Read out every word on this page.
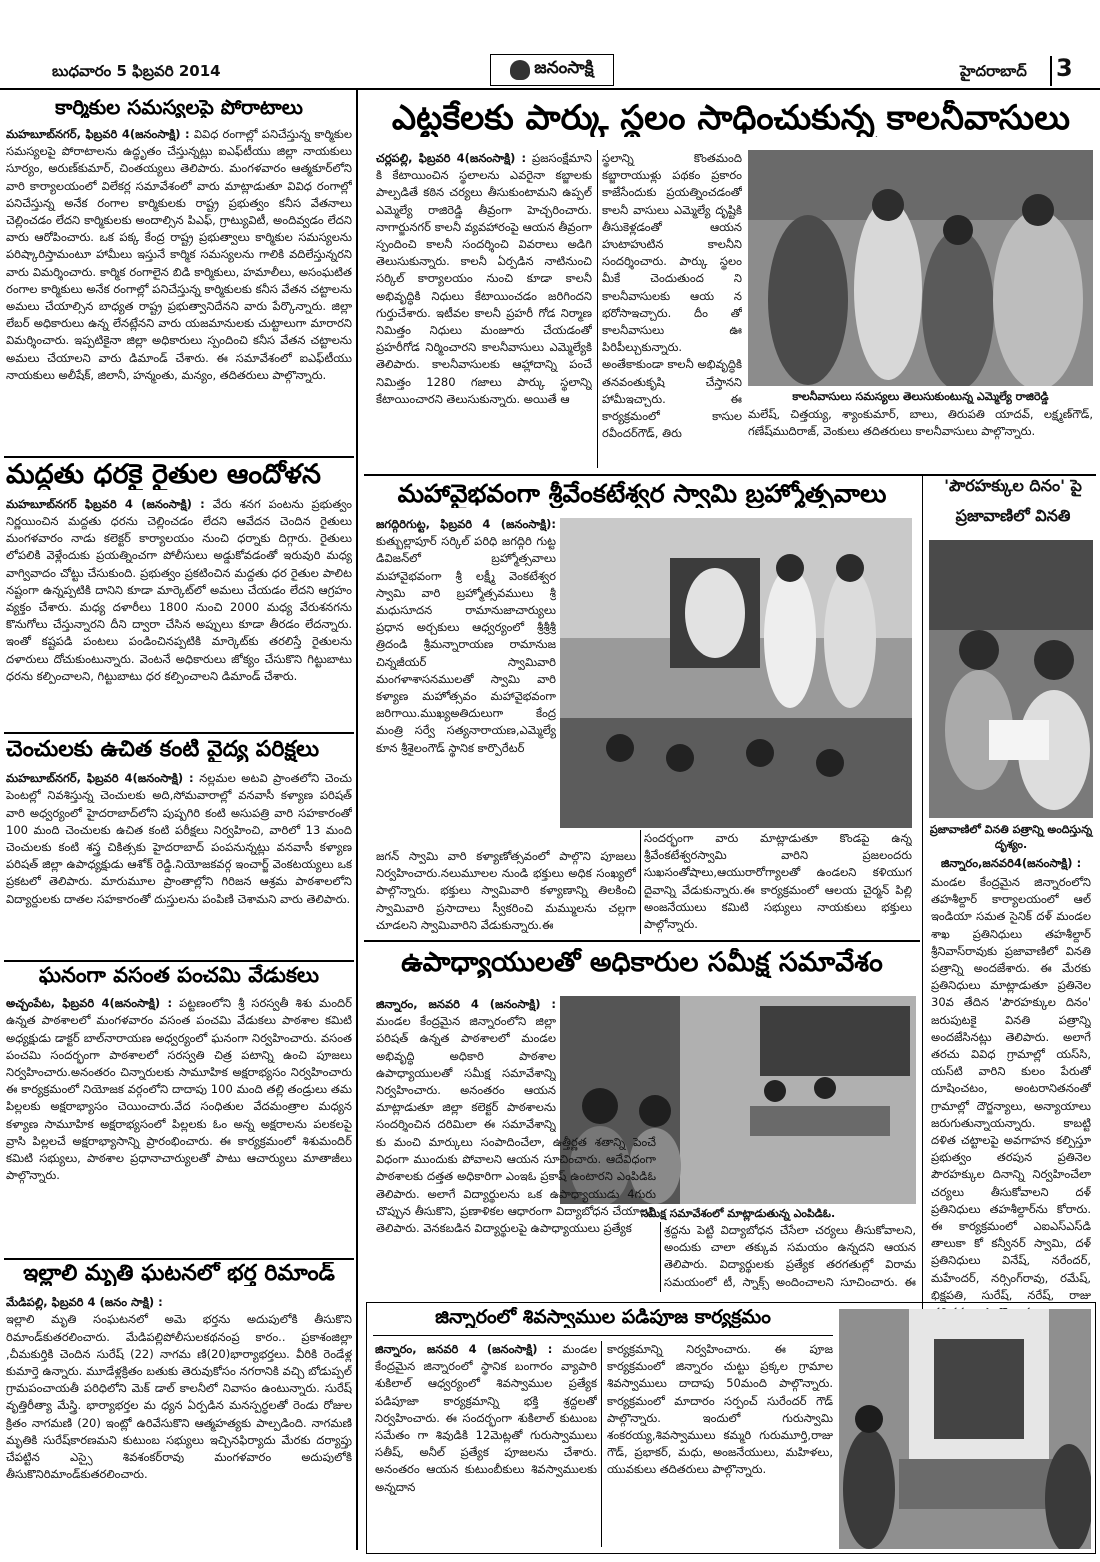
బుధవారం 5 ఫిబ్రవరి 2014	జనంసాక్షి	హైదరాబాద్ 3
కార్మికుల సమస్యలపై పోరాటాలు
మహబూబ్‌నగర్, ఫిబ్రవరి 4(జనంసాక్షి) : వివిధ రంగాల్లో పనిచేస్తున్న కార్మికుల సమస్యలపై పోరాటాలను ఉద్ధృతం చేస్తున్నట్లు ఐఎఫ్‌టీయు జిల్లా నాయకులు సూర్యం, అరుణ్‌కుమార్, చింతయ్యలు తెలిపారు. మంగళవారం ఆత్మకూర్‌లోని వారి కార్యాలయంలో విలేకర్ల సమావేశంలో వారు మాట్లాడుతూ వివిధ రంగాల్లో పనిచేస్తున్న అనేక రంగాల కార్మికులకు రాష్ట్ర ప్రభుత్వం కనీస వేతనాలు చెల్లించడం లేదని కార్మికులకు అందాల్సిన పిఎఫ్, గ్రాట్యువిటీ, అందివ్వడం లేదని వారు ఆరోపించారు. ఒక పక్క కేంద్ర రాష్ట్ర ప్రభుత్వాలు కార్మికుల సమస్యలను పరిష్కారిస్తామంటూ హామీలు ఇస్తునే కార్మిక సమస్యలను గాలికి వదిలేస్తున్నరని వారు విమర్శించారు. కార్మిక రంగాలైన బిడి కార్మికులు, హమాలీలు, అసంఘటిత రంగాల కార్మికులు అనేక రంగాల్లో పనిచేస్తున్న కార్మికులకు కనీస వేతన చట్టాలను అమలు చేయాల్సిన బాధ్యత రాష్ట్ర ప్రభుత్వానిదేనని వారు పేర్కొన్నారు. జిల్లా లేబర్ అధికారులు ఉన్న లేనట్లేనని వారు యజమానులకు చుట్టాలుగా మారారని విమర్శించారు. ఇప్పటికైనా జిల్లా అధికారులు స్పందించి కనీస వేతన చట్టాలను అమలు చేయాలని వారు డిమాండ్ చేశారు. ఈ సమావేశంలో ఐఎఫ్‌టీయు నాయకులు అలీషేక్, జిలానీ, హన్మంతు, మన్యం, తదితరులు పాల్గొన్నారు.
మద్దతు ధరకై రైతుల ఆందోళన
మహబూబ్‌నగర్ ఫిబ్రవరి 4 (జనంసాక్షి) : వేరు శనగ పంటను ప్రభుత్వం నిర్ణయించిన మద్దతు ధరను చెల్లించడం లేదని ఆవేదన చెందిన రైతులు మంగళవారం నాడు కలెక్టర్ కార్యాలయం నుంచి ధర్నాకు దిగ్గారు. రైతులు లోపలికి వెళ్లేందుకు ప్రయత్నించగా పోలీసులు అడ్డుకోవడంతో ఇరువురి మధ్య వాగ్వివాదం చోట్టు చేసుకుంది. ప్రభుత్వం ప్రకటించిన మద్దతు ధర రైతుల పాలిట నష్టంగా ఉన్నప్పటికి దానిని కూడా మార్కెట్‌లో అమలు చేయడం లేదని ఆగ్రహం వ్యక్తం చేశారు. మధ్య దళారీలు 1800 నుంచి 2000 మధ్య వేరుశనగను కొనుగోలు చేస్తున్నారని దీని ద్వారా చేసిన అప్పులు కూడా తీరడం లేదన్నారు. ఇంతో కష్టపడి పంటలు పండించినప్పటికి మార్కెట్‌కు తరలిస్తే రైతులను దళారులు దోచుకుంటున్నారు. వెంటనే అధికారులు జోక్యం చేసుకొని గిట్టుబాటు ధరను కల్పించాలని, గిట్టుబాటు ధర కల్పించాలని డిమాండ్ చేశారు.
చెంచులకు ఉచిత కంటి వైద్య పరిక్షలు
మహబూబ్‌నగర్, ఫిబ్రవరి 4(జనంసాక్షి) : నల్లమల అటవి ప్రాంతలోని చెంచు పెంటల్లో నివశిస్తున్న చెంచులకు అది,సోమవారాల్లో వనవాసీ కళ్యాణ పరిషత్ వారి అధ్వర్యంలో హైదరాబాద్‌లోని పుష్పగిరి కంటి అసుపత్రి వారి సహకారంతో 100 మంది చెంచులకు ఉచిత కంటి పరీక్షలు నిర్వహించి, వారిలో 13 మంది చెంచులకు కంటి శస్త్ర చికిత్సకు హైదరాబాద్ పంపనున్నట్లు వనవాసీ కళ్యాణ పరిషత్ జిల్లా ఉపాధ్యక్షుడు ఆశోక్ రెడ్డి.నియోజకవర్గ ఇంచార్జ్ వెంకటయ్యలు ఒక ప్రకటలో తెలిపారు. మారుమూల ప్రాంతాల్లోని గిరిజన ఆశ్రమ పాఠశాలలోని విద్యార్దులకు దాతల సహకారంతో దుస్తులను పంపిణి చెశామని వారు తెలిపారు.
ఘనంగా వసంత పంచమి వేడుకలు
అచ్చంపేట, ఫిబ్రవరి 4(జనంసాక్షి) : పట్టణంలోని శ్రీ సరస్వతీ శిశు మందిర్ ఉన్నత పాఠశాలలో మంగళవారం వసంత పంచమి వేడుకలు పాఠశాల కమిటి అధ్యక్షుడు డాక్టర్ బాల్‌నారాయణ అధ్వర్యంలో ఘనంగా నిర్వహించారు. వసంత పంచమి సందర్భంగా పాఠశాలలో సరస్వతి చిత్ర పటాన్ని ఉంచి పూజలు నిర్వహించారు.అనంతరం చిన్నారులకు సామూహిక అక్షరాభ్యసం నిర్వహించారు ఈ కార్యక్రమంలో నియోజక వర్గంలోని దాదాపు 100 మంది తల్లి తండ్రులు తమ పిల్లలకు అక్షరాభ్యాసం చెయించారు.వేద సంధితుల వేదమంత్రాల మధ్యన కళ్యాణ సామూహిక అక్షరాభ్యసంలో పిల్లలకు ఓం అన్న అక్షరాలను పలకలపై వ్రాసి పిల్లలచే అక్షరాభ్యాసాన్ని ప్రారంభించారు. ఈ కార్యక్రమంలో శిశుమందిర్ కమిటి సభ్యులు, పాఠశాల ప్రధానాచార్యులతో పాటు ఆచార్యులు మాతాజీలు పాల్గొన్నారు.
ఇల్లాలి మృతి ఘటనలో భర్త రిమాండ్
మేడిపల్లి, ఫిబ్రవరి 4 (జనం సాక్షి) :
ఇల్లాలి మృతి సంఘటనలో అమె భర్తను అదుపులోకి తీసుకొని రిమాండ్‌కుతరలించారు. మేడిపల్లిపోలీసులకథనంప్ర కారం.. ప్రకాశంజిల్లా ,చీమకుర్తికి చెందిన సురేష్ (22) నాగమ ణి(20)భార్యాభర్తలు. వీరికి రెండేళ్ల కుమార్తె ఉన్నారు. మూడేళ్లక్రితం బతుకు తెరువుకోసం నగరానికి వచ్చి బోడుప్పల్ గ్రామపంచాయతీ పరిధిలోని మెక్ డాల్ కాలనీలో నివాసం ఉంటున్నారు. సురేష్ వృత్తిరీత్యా మేస్త్రి. భార్యాభర్తల మ ధ్యన ఏర్పడిన మనస్పర్ధలతో రెండు రోజుల క్రితం నాగమణి (20) ఇంట్లో ఉరివేసుకొని ఆత్మహత్యకు పాల్పడింది. నాగమణి మృతికి సురేష్‌కారణమని కుటుంబ సభ్యులు ఇచ్చినఫిర్యాదు మేరకు దర్యాప్తు చేపట్టిన ఎస్సై శివశంకర్‌రావు మంగళవారం అదుపులోకి తీసుకొనిరిమాండ్‌కుతరలించారు.
ఎట్టకేలకు పార్కు స్థలం సాధించుకున్న కాలనీవాసులు
చర్లపల్లి, ఫిబ్రవరి 4(జనంసాక్షి) : ప్రజసంక్షేమాని కి కేటాయించిన స్థలాలను ఎవరైనా కబ్జాలకు పాల్పడితే కఠిన చర్యలు తీసుకుంటామని ఉప్పల్ ఎమ్మెల్యే రాజిరెడ్డి తీవ్రంగా హెచ్చరించారు. నాగార్జునగర్ కాలనీ వ్యవహారంపై ఆయన తీవ్రంగా స్పందించి కాలనీ సందర్శించి వివరాలు అడిగి తెలుసుకున్నారు. కాలనీ ఏర్పడిన నాటినుంచి సర్కిల్ కార్యాలయం నుంచి కూడా కాలనీ అభివృద్ధికి నిధులు కేటాయించడం జరిగిందని గుర్తుచేశారు. ఇటీవల కాలనీ ప్రహరీ గోడ నిర్మాణ నిమిత్తం నిధులు మంజూరు చేయడంతో ప్రహరీగోడ నిర్మించారని కాలనీవాసులు ఎమ్మెల్యేకి తెలిపారు. కాలనీవాసులకు ఆహ్లాదాన్ని పంచే నిమిత్తం 1280 గజాలు పార్కు స్థలాన్ని కేటాయించారని తెలుసుకున్నారు. అయితే ఆ
స్థలాన్ని కొంతమంది కబ్జారాయుళ్లు పథకం ప్రకారం కాజేసేందుకు ప్రయత్నించడంతో కాలనీ వాసులు ఎమ్మెల్యే దృష్టికి తీసుకెళ్లడంతో ఆయన హుటాహుటిన కాలనీని సందర్శించారు. పార్కు స్థలం మీకే చెందుతుంద ని కాలనీవాసులకు ఆయ న భరోసాఇచ్చారు. దీం తో కాలనీవాసులు ఊ పిరిపీల్చుకున్నారు. అంతేకాకుండా కాలనీ అభివృద్ధికి తనవంతుకృషి చేస్తానని హామీఇచ్చారు. ఈ కార్యక్రమంలో కాసుల రవీందర్‌గౌడ్, తిరు
కాలనీవాసులు సమస్యలు తెలుసుకుంటున్న ఎమ్మెల్యే రాజిరెడ్డి
మలేష్, చిత్తయ్య, శ్యాంకుమార్, బాలు, తిరుపతి యాదవ్, లక్ష్మణ్‌గౌడ్, గణేష్‌ముదిరాజ్, వెంకులు తదితరులు కాలనీవాసులు పాల్గొన్నారు.
మహావైభవంగా శ్రీవేంకటేశ్వర స్వామి బ్రహ్మోత్సవాలు
జగద్గిరిగుట్ట, ఫిబ్రవరి 4 (జనంసాక్షి): కుత్బుల్లాపూర్ సర్కిల్ పరిధి జగద్గిరి గుట్ట డివిజన్‌లో బ్రహ్మోత్సవాలు మహావైభవంగా శ్రీ లక్ష్మీ వెంకటేశ్వర స్వామి వారి బ్రహ్మోత్సవములు శ్రీ మధుసూదన రామానుజాచార్యులు ప్రధాన అర్చకులు ఆధ్వర్యంలో శ్రీశ్రీశ్రీ త్రిదండి శ్రీమన్నారాయణ రామానుజ చిన్నజీయర్ స్వామివారి మంగళాశాసనములతో స్వామి వారి కళ్యాణ మహోత్సవం మహావైభవంగా జరిగాయి.ముఖ్యఅతిదులుగా కేంద్ర మంత్రి సర్వే సత్యనారాయణ,ఎమ్మెల్యే కూన శ్రీశైలంగౌడ్ స్థానిక కార్పొరేటర్
జగన్ స్వామి వారి కళ్యాణోత్సవంలో పాల్గొని పూజలు నిర్వహించారు.నలుమూలల నుండి భక్తులు అధిక సంఖ్యలో పాల్గొన్నారు. భక్తులు స్వామివారి కళ్యాణాన్ని తిలకించి స్వామివారి ప్రసాదాలు స్వీకరించి మమ్ములను చల్లగా చూడలని స్వామివారిని వేడుకున్నారు.ఈ
సందర్భంగా వారు మాట్లాడుతూ కొండపై ఉన్న శ్రీవేంకటేశ్వరస్వామి వారిని ప్రజలందరు సుఖసంతోషాలు,ఆయురారోగ్యాలతో ఉండలని కళియుగ దైవాన్ని వేడుకున్నారు.ఈ కార్యక్రమంలో ఆలయ చైర్మన్ పిల్లి అంజనేయులు కమిటి సభ్యులు నాయకులు భక్తులు పాల్గోన్నారు.
'పౌరహక్కుల దినం' పై
ప్రజావాణిలో వినతి
ప్రజావాణిలో వినతి పత్రాన్ని అందిస్తున్న దృశ్యం.
జిన్నారం,జనవరి4(జనంసాక్షి) :
మండల కేంద్రమైన జిన్నారంలోని తహశీల్దార్ కార్యాలయంలో ఆల్ ఇండియా సమత సైనిక్ దళ్ మండల శాఖ ప్రతినిధులు తహశీల్దార్ శ్రీనివాస్‌రావుకు ప్రజావాణిలో వినతి పత్రాన్ని అందజేశారు. ఈ మేరకు ప్రతినిధులు మాట్లాడుతూ ప్రతినెల 30వ తేదిన 'పౌరహక్కుల దినం' జరుపుటకై వినతి పత్రాన్ని అందజేసినట్లు తెలిపారు. అలాగే తరచు వివిధ గ్రామాల్లో యస్‌సి, యస్‌టి వారిని కులం పేరుతో దూషించటం, అంటరానితనంతో గ్రామాల్లో దౌర్జన్యాలు, అన్యాయాలు జరుగుతున్నాయన్నారు. కాబట్టి దళిత చట్టాలపై అవగాహన కల్పిస్తూ ప్రభుత్వం తరపున ప్రతినెల పౌరహక్కుల దినాన్ని నిర్వహించేలా చర్యలు తీసుకోవాలని దళ్ ప్రతినిధులు తహశీల్దార్‌ను కోరారు. ఈ కార్యక్రమంలో ఎఐఎస్‌ఎస్‌డి తాలుకా కో కన్వీనర్ స్వామి, దళ్ ప్రతినిధులు వినేష్, నరేందర్, మహేందర్, నర్సింగ్‌రావు, రమేష్, భిక్షపతి, సురేష్, నరేష్, రాజు
ఉపాధ్యాయులతో అధికారుల సమీక్ష సమావేశం
జిన్నారం, జనవరి 4 (జనంసాక్షి) : మండల కేంద్రమైన జిన్నారంలోని జిల్లా పరిషత్ ఉన్నత పాఠశాలలో మండల అభివృద్ధి అధికారి పాఠశాల ఉపాధ్యాయులతో సమీక్ష సమావేశాన్ని నిర్వహించారు. అనంతరం ఆయన మాట్లాడుతూ జిల్లా కలెక్టర్ పాఠశాలను సందర్శించిన దరిమిలా ఈ సమావేశాన్ని
సమీక్ష సమావేశంలో మాట్లాడుతున్న ఎంపిడిఓ.
కు మంచి మార్కులు సంపాదించేలా, ఉత్తీర్ణత శతాన్ని పెంచే విధంగా ముందుకు పోవాలని ఆయన సూచించారు. ఆదేవిధంగా పాఠశాలకు దత్తత అధికారిగా ఎంఇఓ ప్రకాష్ ఉంటారని ఎంపిడిఓ తెలిపారు. అలాగే విద్యార్థులను ఒక ఉపాధ్యాయుడు 4గురు చొప్పున తీసుకొని, ప్రణాళికల ఆధారంగా విద్యాబోధన చేయాలని తెలిపారు. వెనకబడిన విద్యార్థులపై ఉపాధ్యాయులు ప్రత్యేక	శ్రద్దను పెట్టి విద్యాబోధన చేసేలా చర్యలు తీసుకోవాలని, అందుకు చాలా తక్కువ సమయం ఉన్నదని ఆయన తెలిపారు. విద్యార్థులకు ప్రత్యేక తరగతుల్లో విరామ సమయంలో టీ, స్నాక్స్ అందించాలని సూచించారు. ఈ
జిన్నారంలో శివస్వాముల పడిపూజ కార్యక్రమం
జిన్నారం, జనవరి 4 (జనంసాక్షి) : మండల కేంద్రమైన జిన్నారంలో స్థానిక బంగారం వ్యాపారి శుకిలాల్ ఆధ్వర్యంలో శివస్వాముల ప్రత్యేక పడిపూజా కార్యక్రమాన్ని భక్తి శ్రద్దలతో నిర్వహించారు. ఈ సందర్భంగా శుకిలాల్ కుటుంబ సమేతం గా శివుడికి 12మెట్లతో గురుస్వాములు సతీష్, అనీల్ ప్రత్యేక పూజలను చేశారు. అనంతరం ఆయన కుటుంబీకులు శివస్వాములకు అన్నదాన
కార్యక్రమాన్ని నిర్వహించారు. ఈ పూజ కార్యక్రమంలో జిన్నారం చుట్టు ప్రక్కల గ్రామాల శివస్వాములు దాదాపు 50మంది పాల్గొన్నారు. కార్యక్రమంలో మాదారం సర్పంచ్ సురేందర్ గౌడ్ పాల్గొన్నారు. ఇందులో గురుస్వామి శంకరయ్య,శివస్వాములు కమ్మరి గురుమూర్తి,రాజు గౌడ్, ప్రభాకర్, మధు, అంజనేయులు, మహిళలు, యువకులు తదితరులు పాల్గొన్నారు.
